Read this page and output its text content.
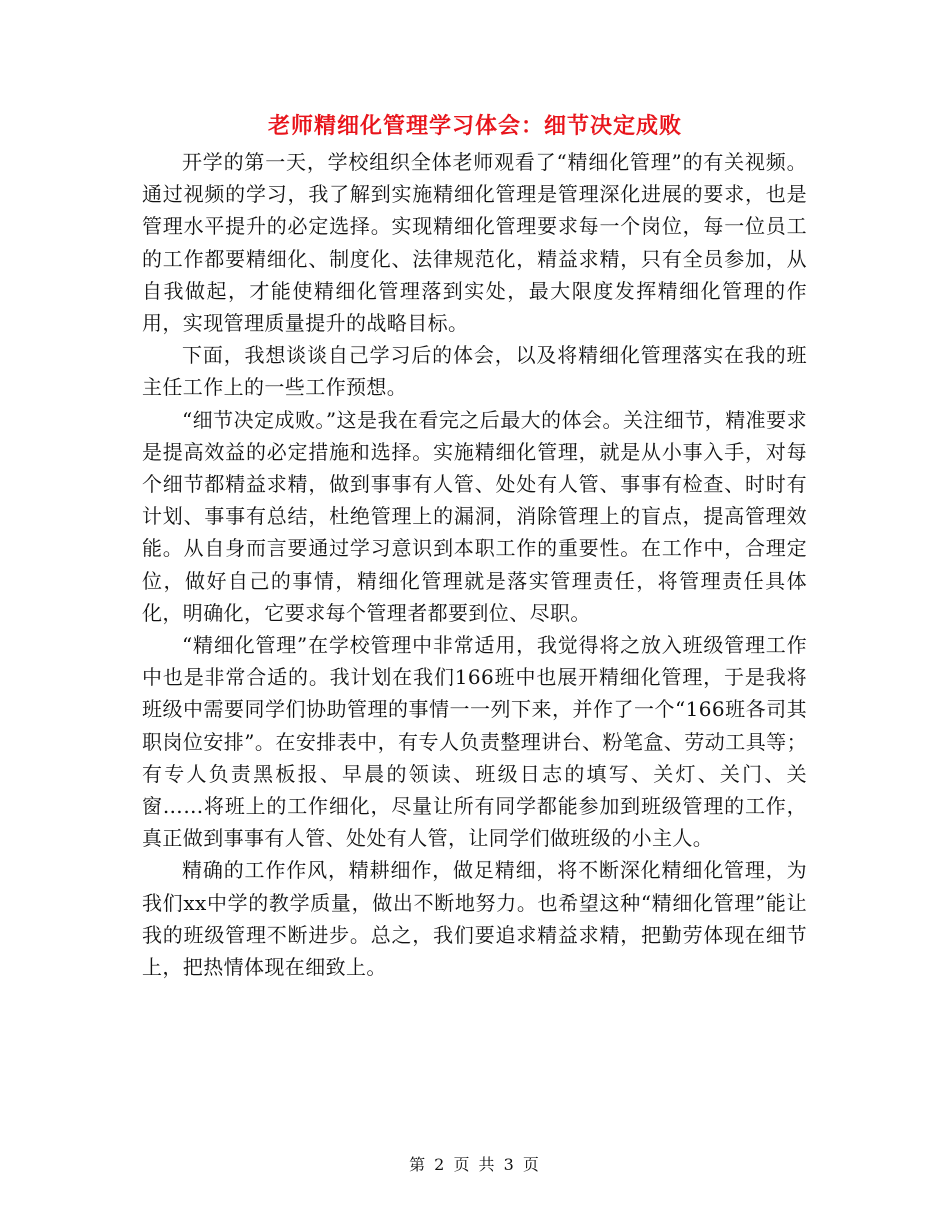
老师精细化管理学习体会：细节决定成败

开学的第一天，学校组织全体老师观看了“精细化管理”的有关视频。通过视频的学习，我了解到实施精细化管理是管理深化进展的要求，也是管理水平提升的必定选择。实现精细化管理要求每一个岗位，每一位员工的工作都要精细化、制度化、法律规范化，精益求精，只有全员参加，从自我做起，才能使精细化管理落到实处，最大限度发挥精细化管理的作用，实现管理质量提升的战略目标。

下面，我想谈谈自己学习后的体会，以及将精细化管理落实在我的班主任工作上的一些工作预想。

“细节决定成败。”这是我在看完之后最大的体会。关注细节，精准要求是提高效益的必定措施和选择。实施精细化管理，就是从小事入手，对每个细节都精益求精，做到事事有人管、处处有人管、事事有检查、时时有计划、事事有总结，杜绝管理上的漏洞，消除管理上的盲点，提高管理效能。从自身而言要通过学习意识到本职工作的重要性。在工作中，合理定位，做好自己的事情，精细化管理就是落实管理责任，将管理责任具体化，明确化，它要求每个管理者都要到位、尽职。

“精细化管理”在学校管理中非常适用，我觉得将之放入班级管理工作中也是非常合适的。我计划在我们166班中也展开精细化管理，于是我将班级中需要同学们协助管理的事情一一列下来，并作了一个“166班各司其职岗位安排”。在安排表中，有专人负责整理讲台、粉笔盒、劳动工具等；有专人负责黑板报、早晨的领读、班级日志的填写、关灯、关门、关窗……将班上的工作细化，尽量让所有同学都能参加到班级管理的工作，真正做到事事有人管、处处有人管，让同学们做班级的小主人。

精确的工作作风，精耕细作，做足精细，将不断深化精细化管理，为我们xx中学的教学质量，做出不断地努力。也希望这种“精细化管理”能让我的班级管理不断进步。总之，我们要追求精益求精，把勤劳体现在细节上，把热情体现在细致上。

第 2 页 共 3 页
